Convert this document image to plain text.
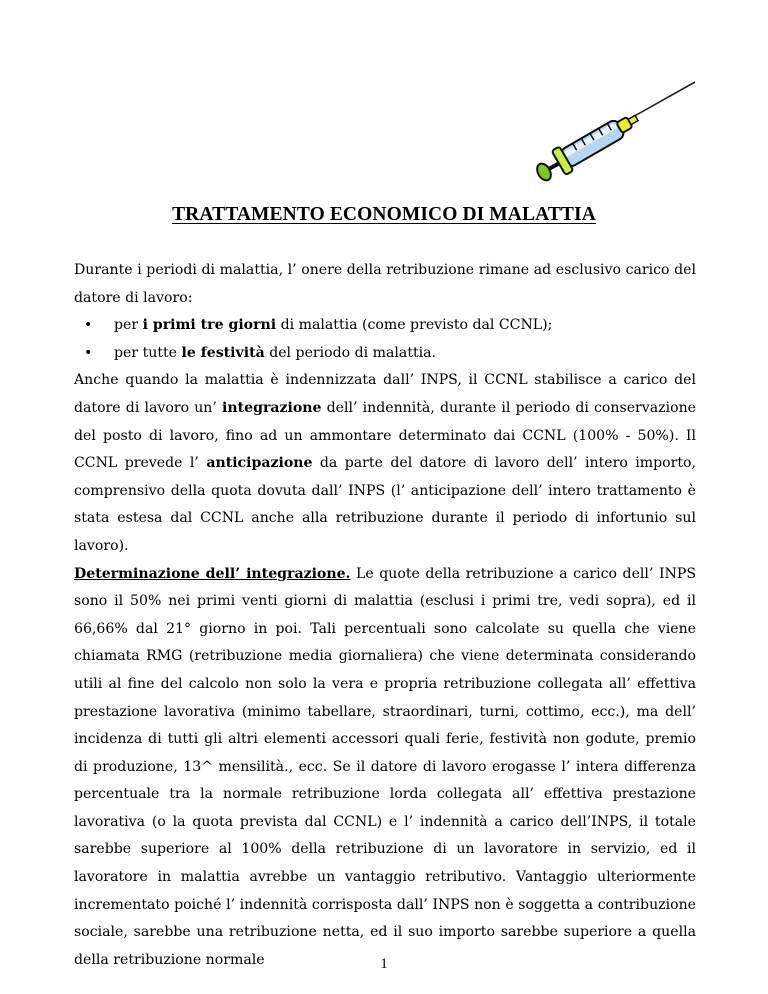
TRATTAMENTO ECONOMICO DI MALATTIA

Durante i periodi di malattia, l’ onere della retribuzione rimane ad esclusivo carico del datore di lavoro:

• per i primi tre giorni di malattia (come previsto dal CCNL);
• per tutte le festività del periodo di malattia.

Anche quando la malattia è indennizzata dall’ INPS, il CCNL stabilisce a carico del datore di lavoro un’ integrazione dell’ indennità, durante il periodo di conservazione del posto di lavoro, fino ad un ammontare determinato dai CCNL (100% - 50%). Il CCNL prevede l’ anticipazione da parte del datore di lavoro dell’ intero importo, comprensivo della quota dovuta dall’ INPS (l’ anticipazione dell’ intero trattamento è stata estesa dal CCNL anche alla retribuzione durante il periodo di infortunio sul lavoro).

Determinazione dell’ integrazione. Le quote della retribuzione a carico dell’ INPS sono il 50% nei primi venti giorni di malattia (esclusi i primi tre, vedi sopra), ed il 66,66% dal 21° giorno in poi. Tali percentuali sono calcolate su quella che viene chiamata RMG (retribuzione media giornaliera) che viene determinata considerando utili al fine del calcolo non solo la vera e propria retribuzione collegata all’ effettiva prestazione lavorativa (minimo tabellare, straordinari, turni, cottimo, ecc.), ma dell’ incidenza di tutti gli altri elementi accessori quali ferie, festività non godute, premio di produzione, 13^ mensilità., ecc. Se il datore di lavoro erogasse l’ intera differenza percentuale tra la normale retribuzione lorda collegata all’ effettiva prestazione lavorativa (o la quota prevista dal CCNL) e l’ indennità a carico dell’INPS, il totale sarebbe superiore al 100% della retribuzione di un lavoratore in servizio, ed il lavoratore in malattia avrebbe un vantaggio retributivo. Vantaggio ulteriormente incrementato poiché l’ indennità corrisposta dall’ INPS non è soggetta a contribuzione sociale, sarebbe una retribuzione netta, ed il suo importo sarebbe superiore a quella della retribuzione normale	1
